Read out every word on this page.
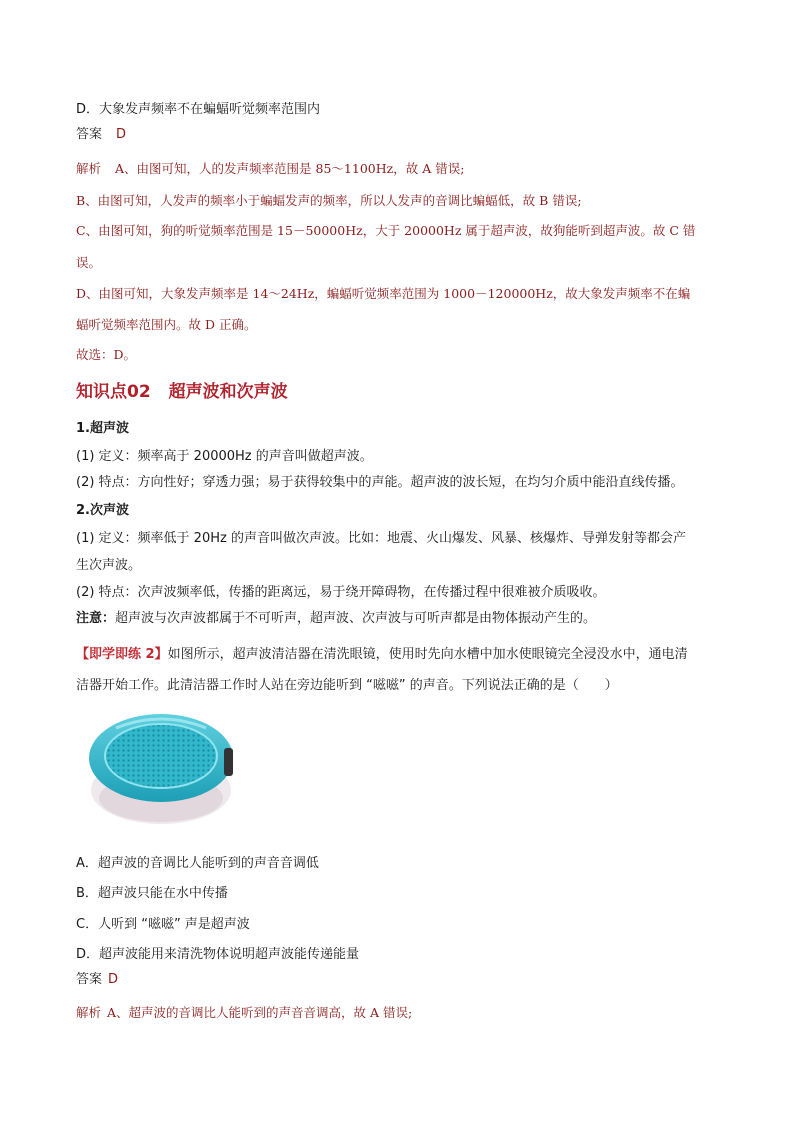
D．大象发声频率不在蝙蝠听觉频率范围内
答案 D
解析 A、由图可知，人的发声频率范围是 85～1100Hz，故 A 错误;
B、由图可知，人发声的频率小于蝙蝠发声的频率，所以人发声的音调比蝙蝠低，故 B 错误;
C、由图可知，狗的听觉频率范围是 15－50000Hz，大于 20000Hz 属于超声波，故狗能听到超声波。故 C 错
误。
D、由图可知，大象发声频率是 14～24Hz，蝙蝠听觉频率范围为 1000－120000Hz，故大象发声频率不在蝙
蝠听觉频率范围内。故 D 正确。
故选：D。
知识点02 超声波和次声波
1.超声波
(1) 定义：频率高于 20000Hz 的声音叫做超声波。
(2) 特点：方向性好；穿透力强；易于获得较集中的声能。超声波的波长短，在均匀介质中能沿直线传播。
2.次声波
(1) 定义：频率低于 20Hz 的声音叫做次声波。比如：地震、火山爆发、风暴、核爆炸、导弹发射等都会产
生次声波。
(2) 特点：次声波频率低，传播的距离远，易于绕开障碍物，在传播过程中很难被介质吸收。
注意：超声波与次声波都属于不可听声，超声波、次声波与可听声都是由物体振动产生的。
【即学即练 2】如图所示，超声波清洁器在清洗眼镜，使用时先向水槽中加水使眼镜完全浸没水中，通电清
洁器开始工作。此清洁器工作时人站在旁边能听到 “嗞嗞” 的声音。下列说法正确的是（　　）
A．超声波的音调比人能听到的声音音调低
B．超声波只能在水中传播
C．人听到 “嗞嗞” 声是超声波
D．超声波能用来清洗物体说明超声波能传递能量
答案 D
解析 A、超声波的音调比人能听到的声音音调高，故 A 错误;
